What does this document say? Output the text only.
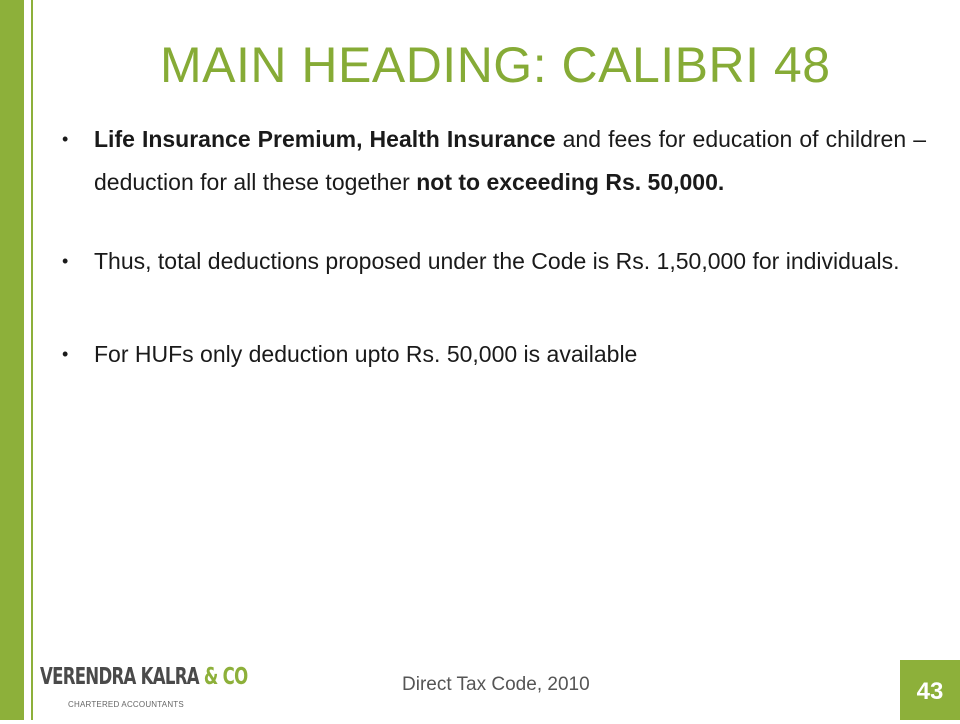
MAIN HEADING: CALIBRI 48
• Life Insurance Premium, Health Insurance and fees for education of children – deduction for all these together not to exceeding Rs. 50,000.
• Thus, total deductions proposed under the Code is Rs. 1,50,000 for individuals.
• For HUFs only deduction upto Rs. 50,000 is available
VERENDRA KALRA & CO
CHARTERED ACCOUNTANTS
Direct Tax Code, 2010	43
